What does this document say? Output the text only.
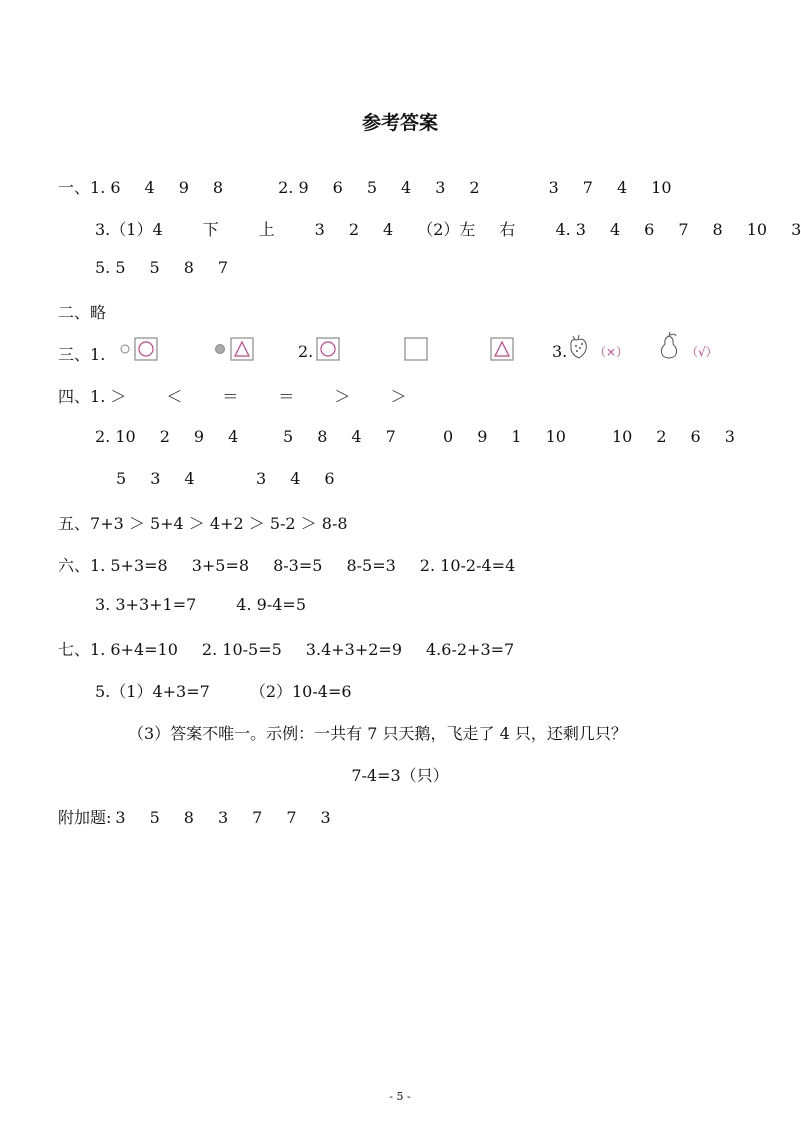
参考答案
一、1. 6 4 9 8	2. 9 6 5 4 3 2	3 7 4 10
3.（1）4	下	上	3 2 4 （2）左 右	4. 3 4 6 7 8 10 3
5. 5 5 8 7
二、略
三、1.	2.	3. （×）	（√）
四、1. ＞	＜	＝	＝	＞	＞
2. 10 2 9 4	5 8 4 7	0 9 1 10	10 2 6 3
5 3 4	3 4 6
五、7+3 ＞ 5+4 ＞ 4+2 ＞ 5-2 ＞ 8-8
六、1. 5+3=8 3+5=8 8-3=5 8-5=3 2. 10-2-4=4
3. 3+3+1=7	4. 9-4=5
七、1. 6+4=10 2. 10-5=5 3.4+3+2=9 4.6-2+3=7
5.（1）4+3=7	（2）10-4=6
（3）答案不唯一。示例：一共有 7 只天鹅，飞走了 4 只，还剩几只？
7-4=3（只）
附加题: 3 5 8 3 7 7 3
- 5 -
